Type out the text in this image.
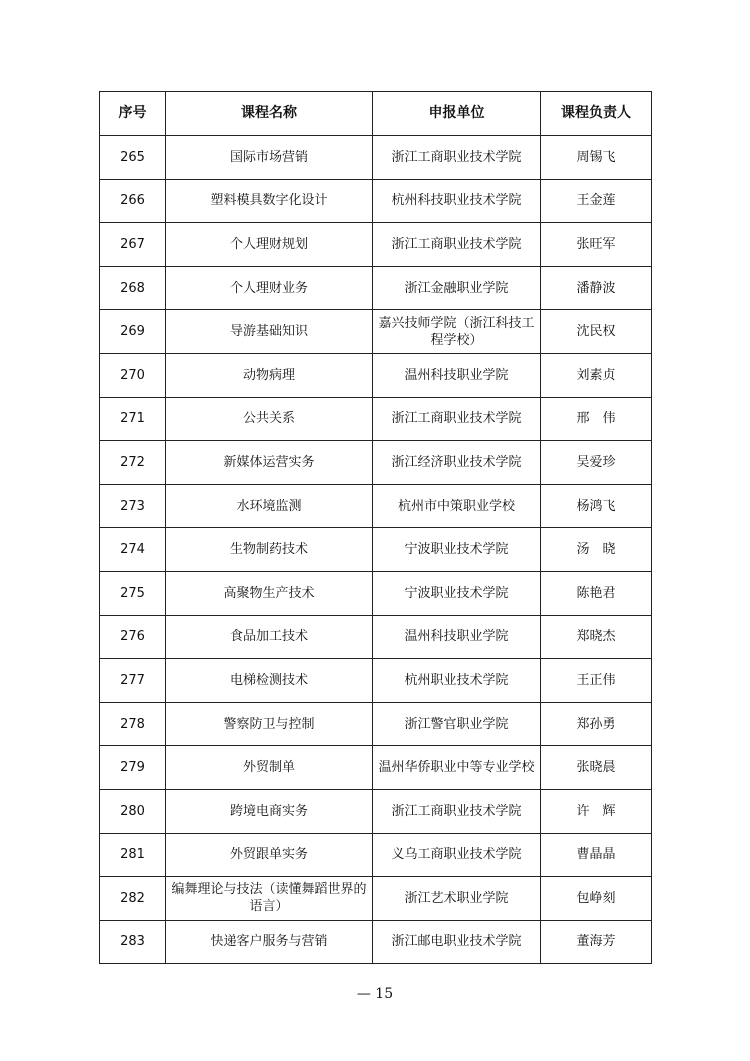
序号	课程名称	申报单位	课程负责人
265	国际市场营销	浙江工商职业技术学院	周锡飞
266	塑料模具数字化设计	杭州科技职业技术学院	王金莲
267	个人理财规划	浙江工商职业技术学院	张旺军
268	个人理财业务	浙江金融职业学院	潘静波
269	导游基础知识	嘉兴技师学院（浙江科技工程学校）	沈民权
270	动物病理	温州科技职业学院	刘素贞
271	公共关系	浙江工商职业技术学院	邢　伟
272	新媒体运营实务	浙江经济职业技术学院	吴爱珍
273	水环境监测	杭州市中策职业学校	杨鸿飞
274	生物制药技术	宁波职业技术学院	汤　晓
275	高聚物生产技术	宁波职业技术学院	陈艳君
276	食品加工技术	温州科技职业学院	郑晓杰
277	电梯检测技术	杭州职业技术学院	王正伟
278	警察防卫与控制	浙江警官职业学院	郑孙勇
279	外贸制单	温州华侨职业中等专业学校	张晓晨
280	跨境电商实务	浙江工商职业技术学院	许　辉
281	外贸跟单实务	义乌工商职业技术学院	曹晶晶
282	编舞理论与技法（读懂舞蹈世界的语言）	浙江艺术职业学院	包峥刻
283	快递客户服务与营销	浙江邮电职业技术学院	董海芳
— 15
